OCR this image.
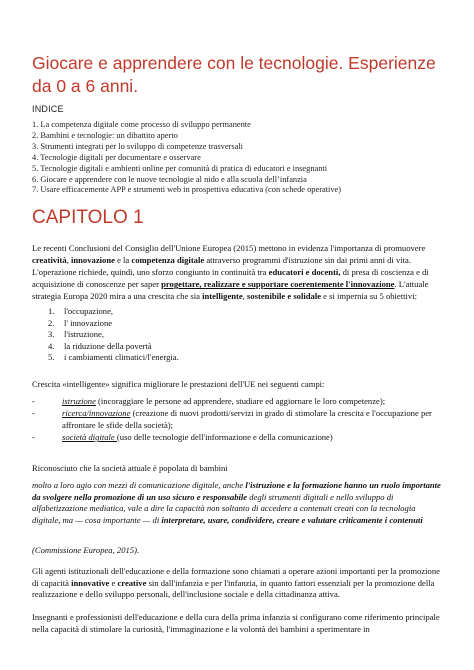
Giocare e apprendere con le tecnologie. Esperienze da 0 a 6 anni.
INDICE
1. La competenza digitale come processo di sviluppo permanente
2. Bambini e tecnologie: un dibattito aperto
3. Strumenti integrati per lo sviluppo di competenze trasversali
4. Tecnologie digitali per documentare e osservare
5. Tecnologie digitali e ambienti online per comunità di pratica di educatori e insegnanti
6. Giocare e apprendere con le nuove tecnologie al nido e alla scuola dell’infanzia
7. Usare efficacemente APP e strumenti web in prospettiva educativa (con schede operative)
CAPITOLO 1

Le recenti Conclusioni del Consiglio dell'Unione Europea (2015) mettono in evidenza l'importanza di promuovere creatività, innovazione e la competenza digitale attraverso programmi d'istruzione sin dai primi anni di vita. L'operazione richiede, quindi, uno sforzo congiunto in continuità tra educatori e docenti, di presa di coscienza e di acquisizione di conoscenze per saper progettare, realizzare e supportare coerentemente l'innovazione. L'attuale strategia Europa 2020 mira a una crescita che sia intelligente, sostenibile e solidale e si impernia su 5 obiettivi:

1. l'occupazione,
2. l' innovazione
3. l'istruzione,
4. la riduzione della povertà
5. i cambiamenti climatici/l'energia.

Crescita «intelligente» significa migliorare le prestazioni dell'UE nei seguenti campi:

-	istruzione (incoraggiare le persone ad apprendere, studiare ed aggiornare le loro competenze);
-	ricerca/innovazione (creazione di nuovi prodotti/servizi in grado di stimolare la crescita e l'occupazione per affrontare le sfide della società);
-	società digitale (uso delle tecnologie dell'informazione e della comunicazione)

Riconosciuto che la società attuale è popolata di bambini

molto a loro agio con mezzi di comunicazione digitale, anche l'istruzione e la formazione hanno un ruolo importante da svolgere nella promozione di un uso sicuro e responsabile degli strumenti digitali e nello sviluppo di alfabetizzazione mediatica, vale a dire la capacità non soltanto di accedere a contenuti creati con la tecnologia digitale, ma — cosa importante — di interpretare, usare, condividere, creare e valutare criticamente i contenuti

(Commissione Europea, 2015).

Gli agenti istituzionali dell'educazione e della formazione sono chiamati a operare azioni importanti per la promozione di capacità innovative e creative sin dall'infanzia e per l'infanzia, in quanto fattori essenziali per la promozione della realizzazione e dello sviluppo personali, dell'inclusione sociale e della cittadinanza attiva.

Insegnanti e professionisti dell'educazione e della cura della prima infanzia si configurano come riferimento principale nella capacità di stimolare la curiosità, l'immaginazione e la volontà dei bambini a sperimentare in
